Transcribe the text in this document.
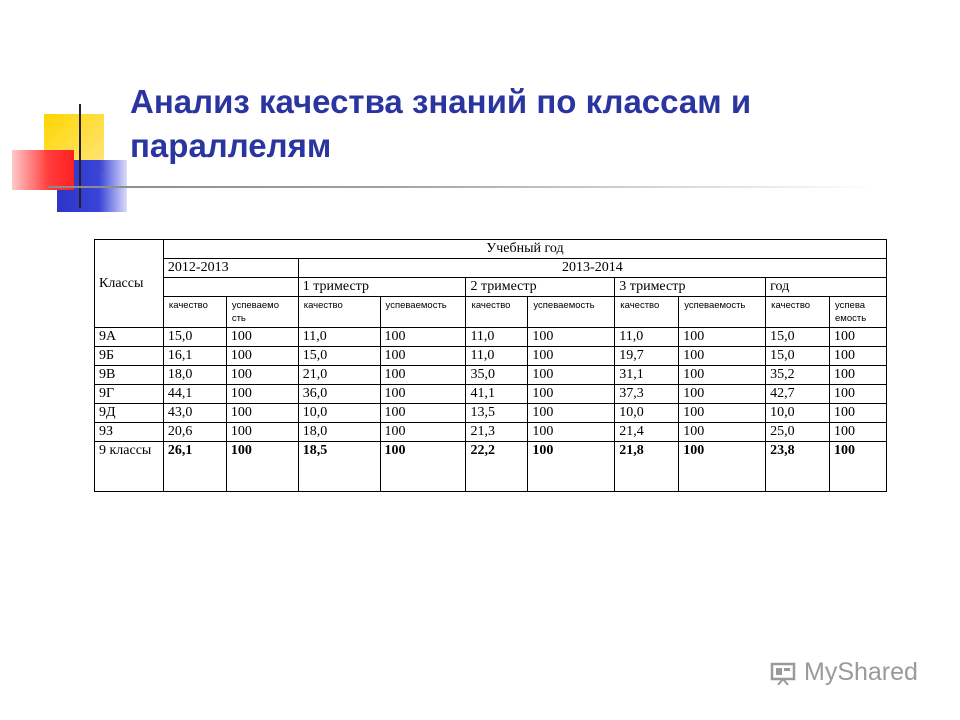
Анализ качества знаний по классам и параллелям
Классы	Учебный год									
	2012-2013		2013-2014							
			1 триместр		2 триместр		3 триместр		год	
	качество	успеваемо сть	качество	успеваемость	качество	успеваемость	качество	успеваемость	качество	успева емость
9А	15,0	100	11,0	100	11,0	100	11,0	100	15,0	100
9Б	16,1	100	15,0	100	11,0	100	19,7	100	15,0	100
9В	18,0	100	21,0	100	35,0	100	31,1	100	35,2	100
9Г	44,1	100	36,0	100	41,1	100	37,3	100	42,7	100
9Д	43,0	100	10,0	100	13,5	100	10,0	100	10,0	100
9З	20,6	100	18,0	100	21,3	100	21,4	100	25,0	100
9 классы	26,1	100	18,5	100	22,2	100	21,8	100	23,8	100
MyShared
